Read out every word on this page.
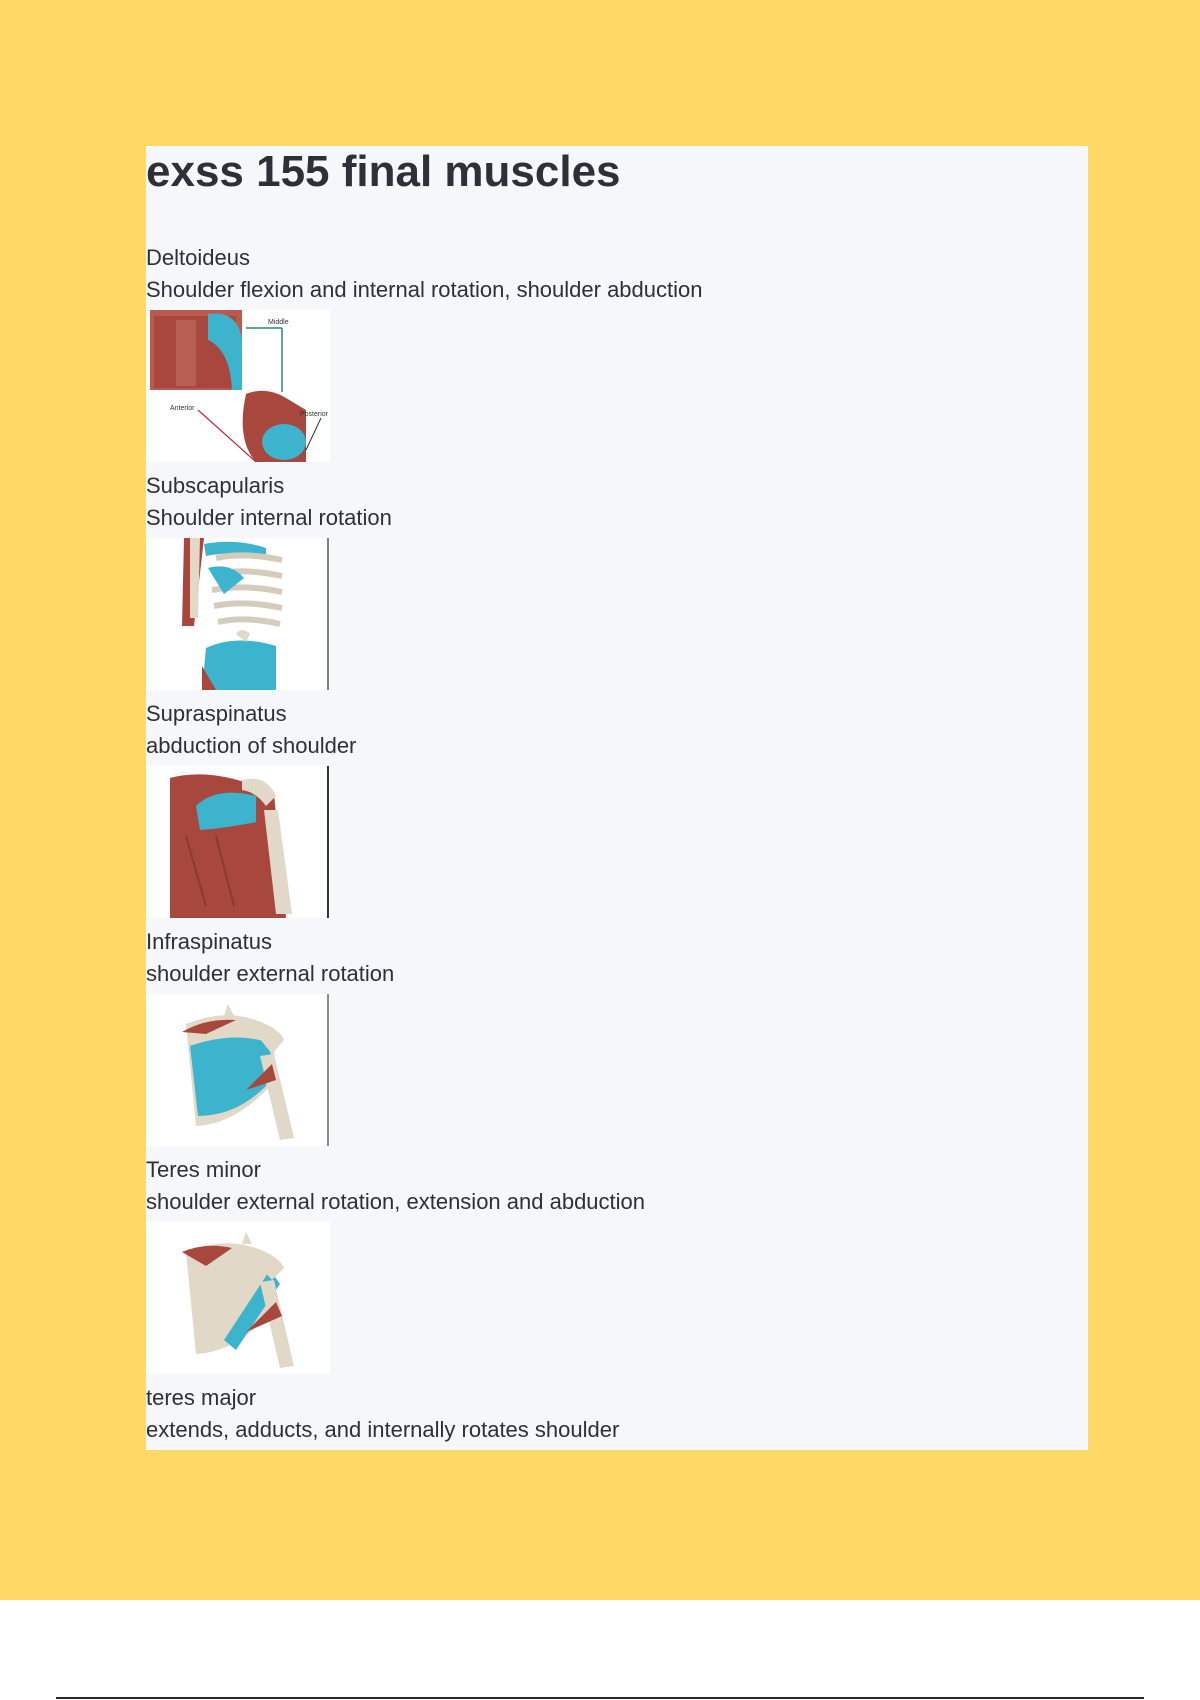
exss 155 final muscles
Deltoideus
Shoulder flexion and internal rotation, shoulder abduction
Middle
Anterior
Posterior
Subscapularis
Shoulder internal rotation
Supraspinatus
abduction of shoulder
Infraspinatus
shoulder external rotation
Teres minor
shoulder external rotation, extension and abduction
teres major
extends, adducts, and internally rotates shoulder
